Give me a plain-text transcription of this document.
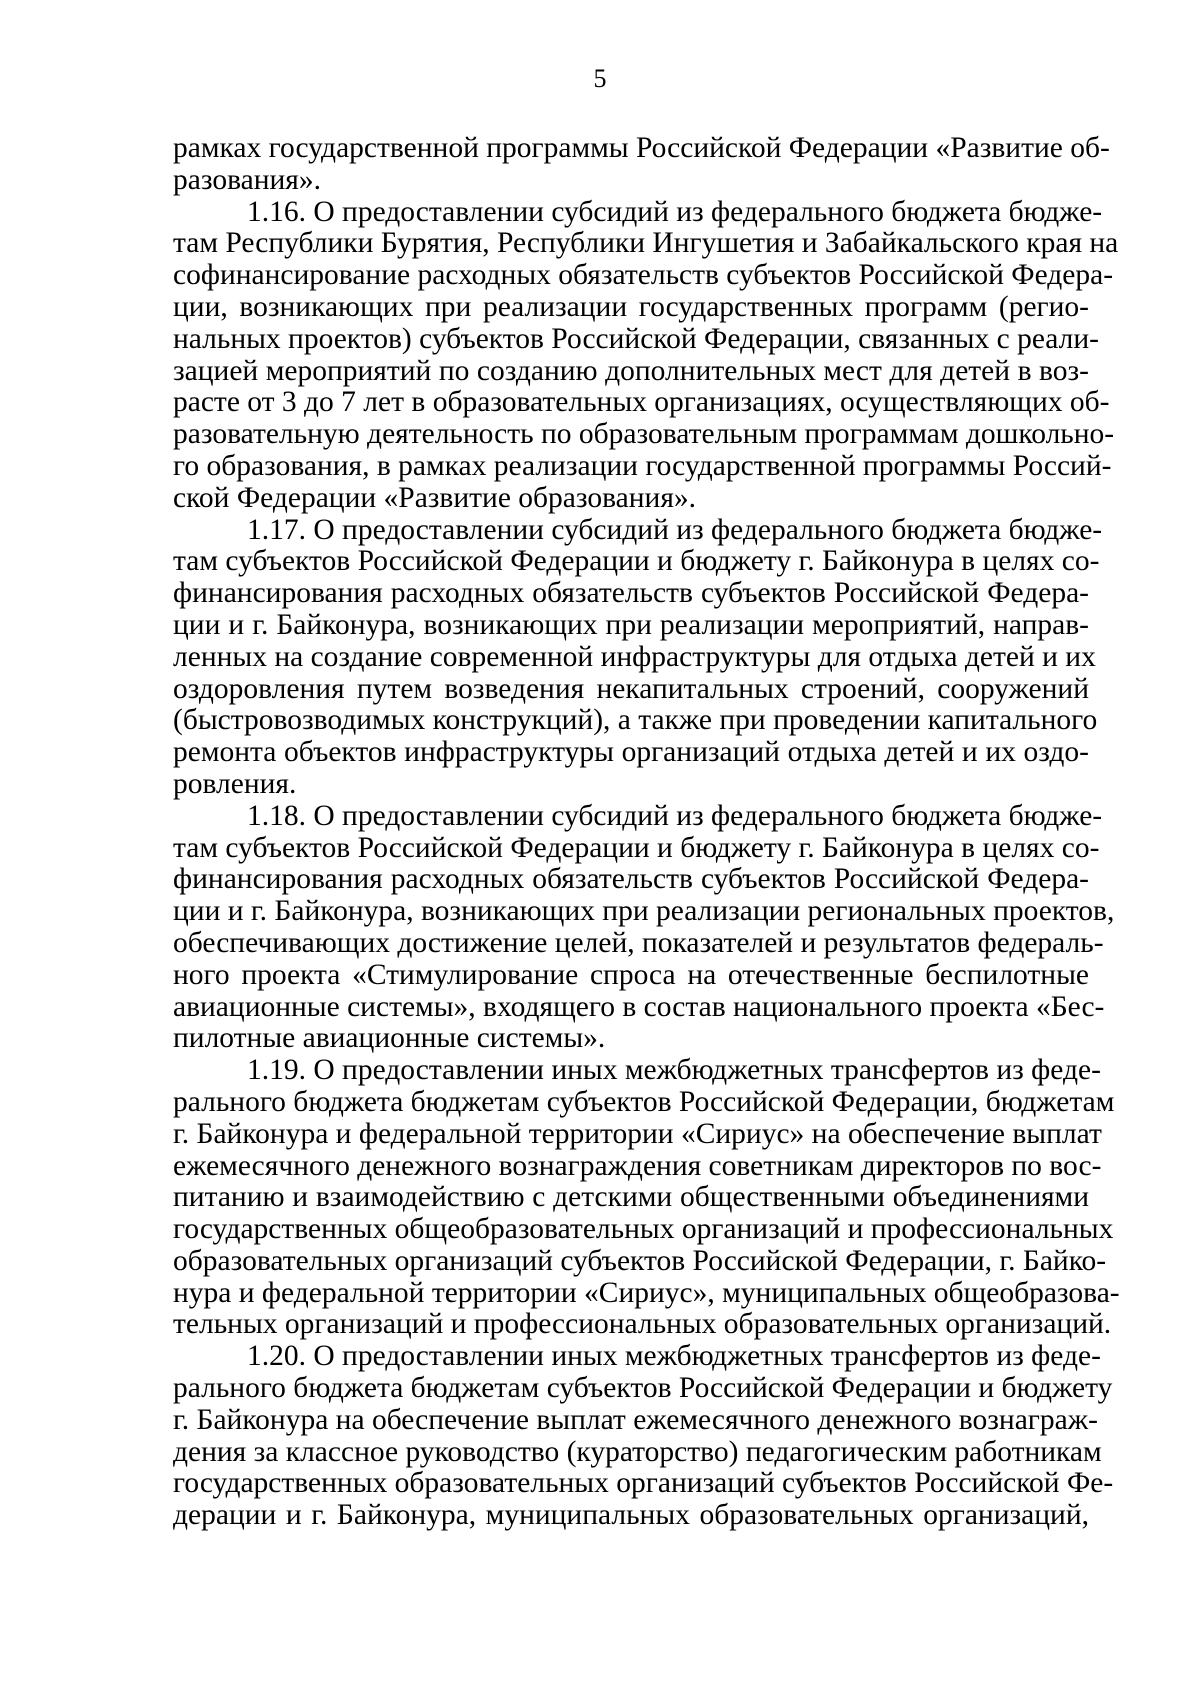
5
рамках государственной программы Российской Федерации «Развитие об-
разования».
1.16. О предоставлении субсидий из федерального бюджета бюдже-
там Республики Бурятия, Республики Ингушетия и Забайкальского края на
софинансирование расходных обязательств субъектов Российской Федера-
ции, возникающих при реализации государственных программ (регио-
нальных проектов) субъектов Российской Федерации, связанных с реали-
зацией мероприятий по созданию дополнительных мест для детей в воз-
расте от 3 до 7 лет в образовательных организациях, осуществляющих об-
разовательную деятельность по образовательным программам дошкольно-
го образования, в рамках реализации государственной программы Россий-
ской Федерации «Развитие образования».
1.17. О предоставлении субсидий из федерального бюджета бюдже-
там субъектов Российской Федерации и бюджету г. Байконура в целях со-
финансирования расходных обязательств субъектов Российской Федера-
ции и г. Байконура, возникающих при реализации мероприятий, направ-
ленных на создание современной инфраструктуры для отдыха детей и их
оздоровления путем возведения некапитальных строений, сооружений
(быстровозводимых конструкций), а также при проведении капитального
ремонта объектов инфраструктуры организаций отдыха детей и их оздо-
ровления.
1.18. О предоставлении субсидий из федерального бюджета бюдже-
там субъектов Российской Федерации и бюджету г. Байконура в целях со-
финансирования расходных обязательств субъектов Российской Федера-
ции и г. Байконура, возникающих при реализации региональных проектов,
обеспечивающих достижение целей, показателей и результатов федераль-
ного проекта «Стимулирование спроса на отечественные беспилотные
авиационные системы», входящего в состав национального проекта «Бес-
пилотные авиационные системы».
1.19. О предоставлении иных межбюджетных трансфертов из феде-
рального бюджета бюджетам субъектов Российской Федерации, бюджетам
г. Байконура и федеральной территории «Сириус» на обеспечение выплат
ежемесячного денежного вознаграждения советникам директоров по вос-
питанию и взаимодействию с детскими общественными объединениями
государственных общеобразовательных организаций и профессиональных
образовательных организаций субъектов Российской Федерации, г. Байко-
нура и федеральной территории «Сириус», муниципальных общеобразова-
тельных организаций и профессиональных образовательных организаций.
1.20. О предоставлении иных межбюджетных трансфертов из феде-
рального бюджета бюджетам субъектов Российской Федерации и бюджету
г. Байконура на обеспечение выплат ежемесячного денежного вознаграж-
дения за классное руководство (кураторство) педагогическим работникам
государственных образовательных организаций субъектов Российской Фе-
дерации и г. Байконура, муниципальных образовательных организаций,
